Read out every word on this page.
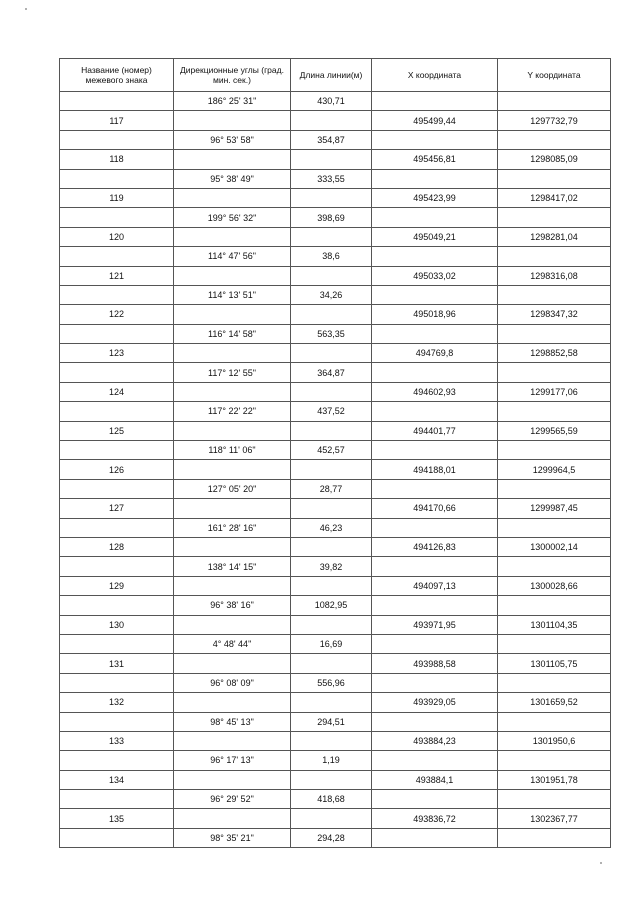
Название (номер) межевого знака	Дирекционные углы (град. мин. сек.)	Длина линии(м)	X координата	Y координата
	186° 25' 31"	430,71		
117			495499,44	1297732,79
	96° 53' 58"	354,87		
118			495456,81	1298085,09
	95° 38' 49"	333,55		
119			495423,99	1298417,02
	199° 56' 32"	398,69		
120			495049,21	1298281,04
	114° 47' 56"	38,6		
121			495033,02	1298316,08
	114° 13' 51"	34,26		
122			495018,96	1298347,32
	116° 14' 58"	563,35		
123			494769,8	1298852,58
	117° 12' 55"	364,87		
124			494602,93	1299177,06
	117° 22' 22"	437,52		
125			494401,77	1299565,59
	118° 11' 06"	452,57		
126			494188,01	1299964,5
	127° 05' 20"	28,77		
127			494170,66	1299987,45
	161° 28' 16"	46,23		
128			494126,83	1300002,14
	138° 14' 15"	39,82		
129			494097,13	1300028,66
	96° 38' 16"	1082,95		
130			493971,95	1301104,35
	4° 48' 44"	16,69		
131			493988,58	1301105,75
	96° 08' 09"	556,96		
132			493929,05	1301659,52
	98° 45' 13"	294,51		
133			493884,23	1301950,6
	96° 17' 13"	1,19		
134			493884,1	1301951,78
	96° 29' 52"	418,68		
135			493836,72	1302367,77
	98° 35' 21"	294,28		
